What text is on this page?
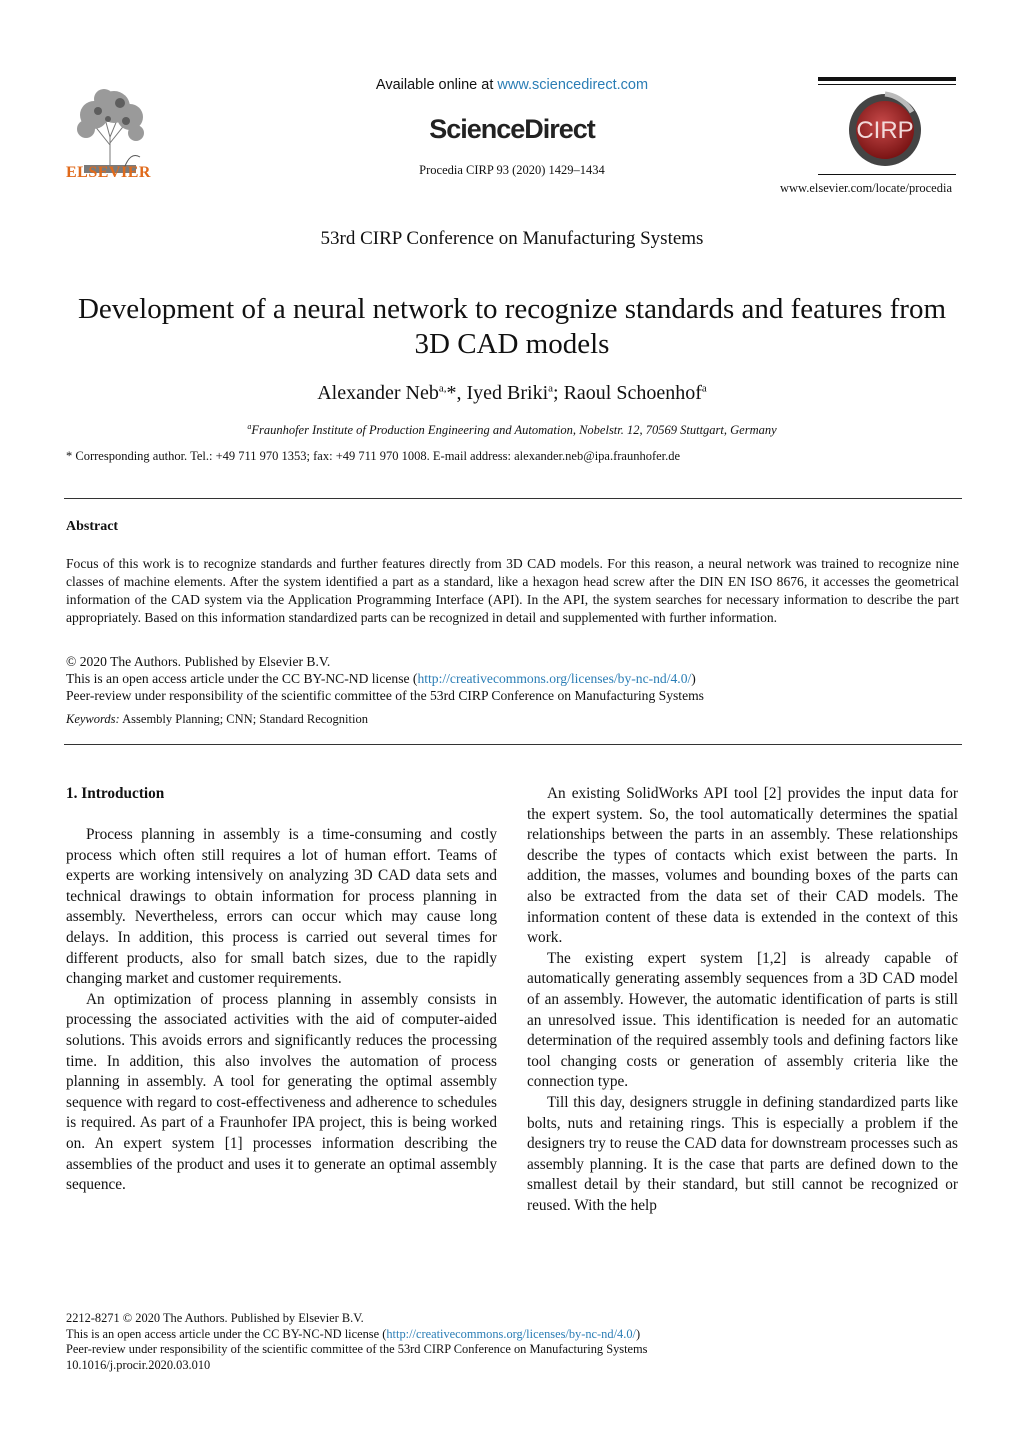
ELSEVIER
Available online at www.sciencedirect.com
ScienceDirect
Procedia CIRP 93 (2020) 1429–1434
CIRP
www.elsevier.com/locate/procedia
53rd CIRP Conference on Manufacturing Systems
Development of a neural network to recognize standards and features from 3D CAD models
Alexander Neb$^{a,}$*, Iyed Briki$^a$; Raoul Schoenhof$^a$
$^a$Fraunhofer Institute of Production Engineering and Automation, Nobelstr. 12, 70569 Stuttgart, Germany
* Corresponding author. Tel.: +49 711 970 1353; fax: +49 711 970 1008. E-mail address: alexander.neb@ipa.fraunhofer.de
Abstract
Focus of this work is to recognize standards and further features directly from 3D CAD models. For this reason, a neural network was trained to recognize nine classes of machine elements. After the system identified a part as a standard, like a hexagon head screw after the DIN EN ISO 8676, it accesses the geometrical information of the CAD system via the Application Programming Interface (API). In the API, the system searches for necessary information to describe the part appropriately. Based on this information standardized parts can be recognized in detail and supplemented with further information.
© 2020 The Authors. Published by Elsevier B.V.
This is an open access article under the CC BY-NC-ND license (http://creativecommons.org/licenses/by-nc-nd/4.0/)
Peer-review under responsibility of the scientific committee of the 53rd CIRP Conference on Manufacturing Systems
Keywords: Assembly Planning; CNN; Standard Recognition
1. Introduction

Process planning in assembly is a time-consuming and costly process which often still requires a lot of human effort. Teams of experts are working intensively on analyzing 3D CAD data sets and technical drawings to obtain information for process planning in assembly. Nevertheless, errors can occur which may cause long delays. In addition, this process is carried out several times for different products, also for small batch sizes, due to the rapidly changing market and customer requirements.

An optimization of process planning in assembly consists in processing the associated activities with the aid of computer-aided solutions. This avoids errors and significantly reduces the processing time. In addition, this also involves the automation of process planning in assembly. A tool for generating the optimal assembly sequence with regard to cost-effectiveness and adherence to schedules is required. As part of a Fraunhofer IPA project, this is being worked on. An expert system [1] processes information describing the assemblies of the product and uses it to generate an optimal assembly sequence.

An existing SolidWorks API tool [2] provides the input data for the expert system. So, the tool automatically determines the spatial relationships between the parts in an assembly. These relationships describe the types of contacts which exist between the parts. In addition, the masses, volumes and bounding boxes of the parts can also be extracted from the data set of their CAD models. The information content of these data is extended in the context of this work.

The existing expert system [1,2] is already capable of automatically generating assembly sequences from a 3D CAD model of an assembly. However, the automatic identification of parts is still an unresolved issue. This identification is needed for an automatic determination of the required assembly tools and defining factors like tool changing costs or generation of assembly criteria like the connection type.

Till this day, designers struggle in defining standardized parts like bolts, nuts and retaining rings. This is especially a problem if the designers try to reuse the CAD data for downstream processes such as assembly planning. It is the case that parts are defined down to the smallest detail by their standard, but still cannot be recognized or reused. With the help

2212-8271 © 2020 The Authors. Published by Elsevier B.V.
This is an open access article under the CC BY-NC-ND license (http://creativecommons.org/licenses/by-nc-nd/4.0/)
Peer-review under responsibility of the scientific committee of the 53rd CIRP Conference on Manufacturing Systems
10.1016/j.procir.2020.03.010
